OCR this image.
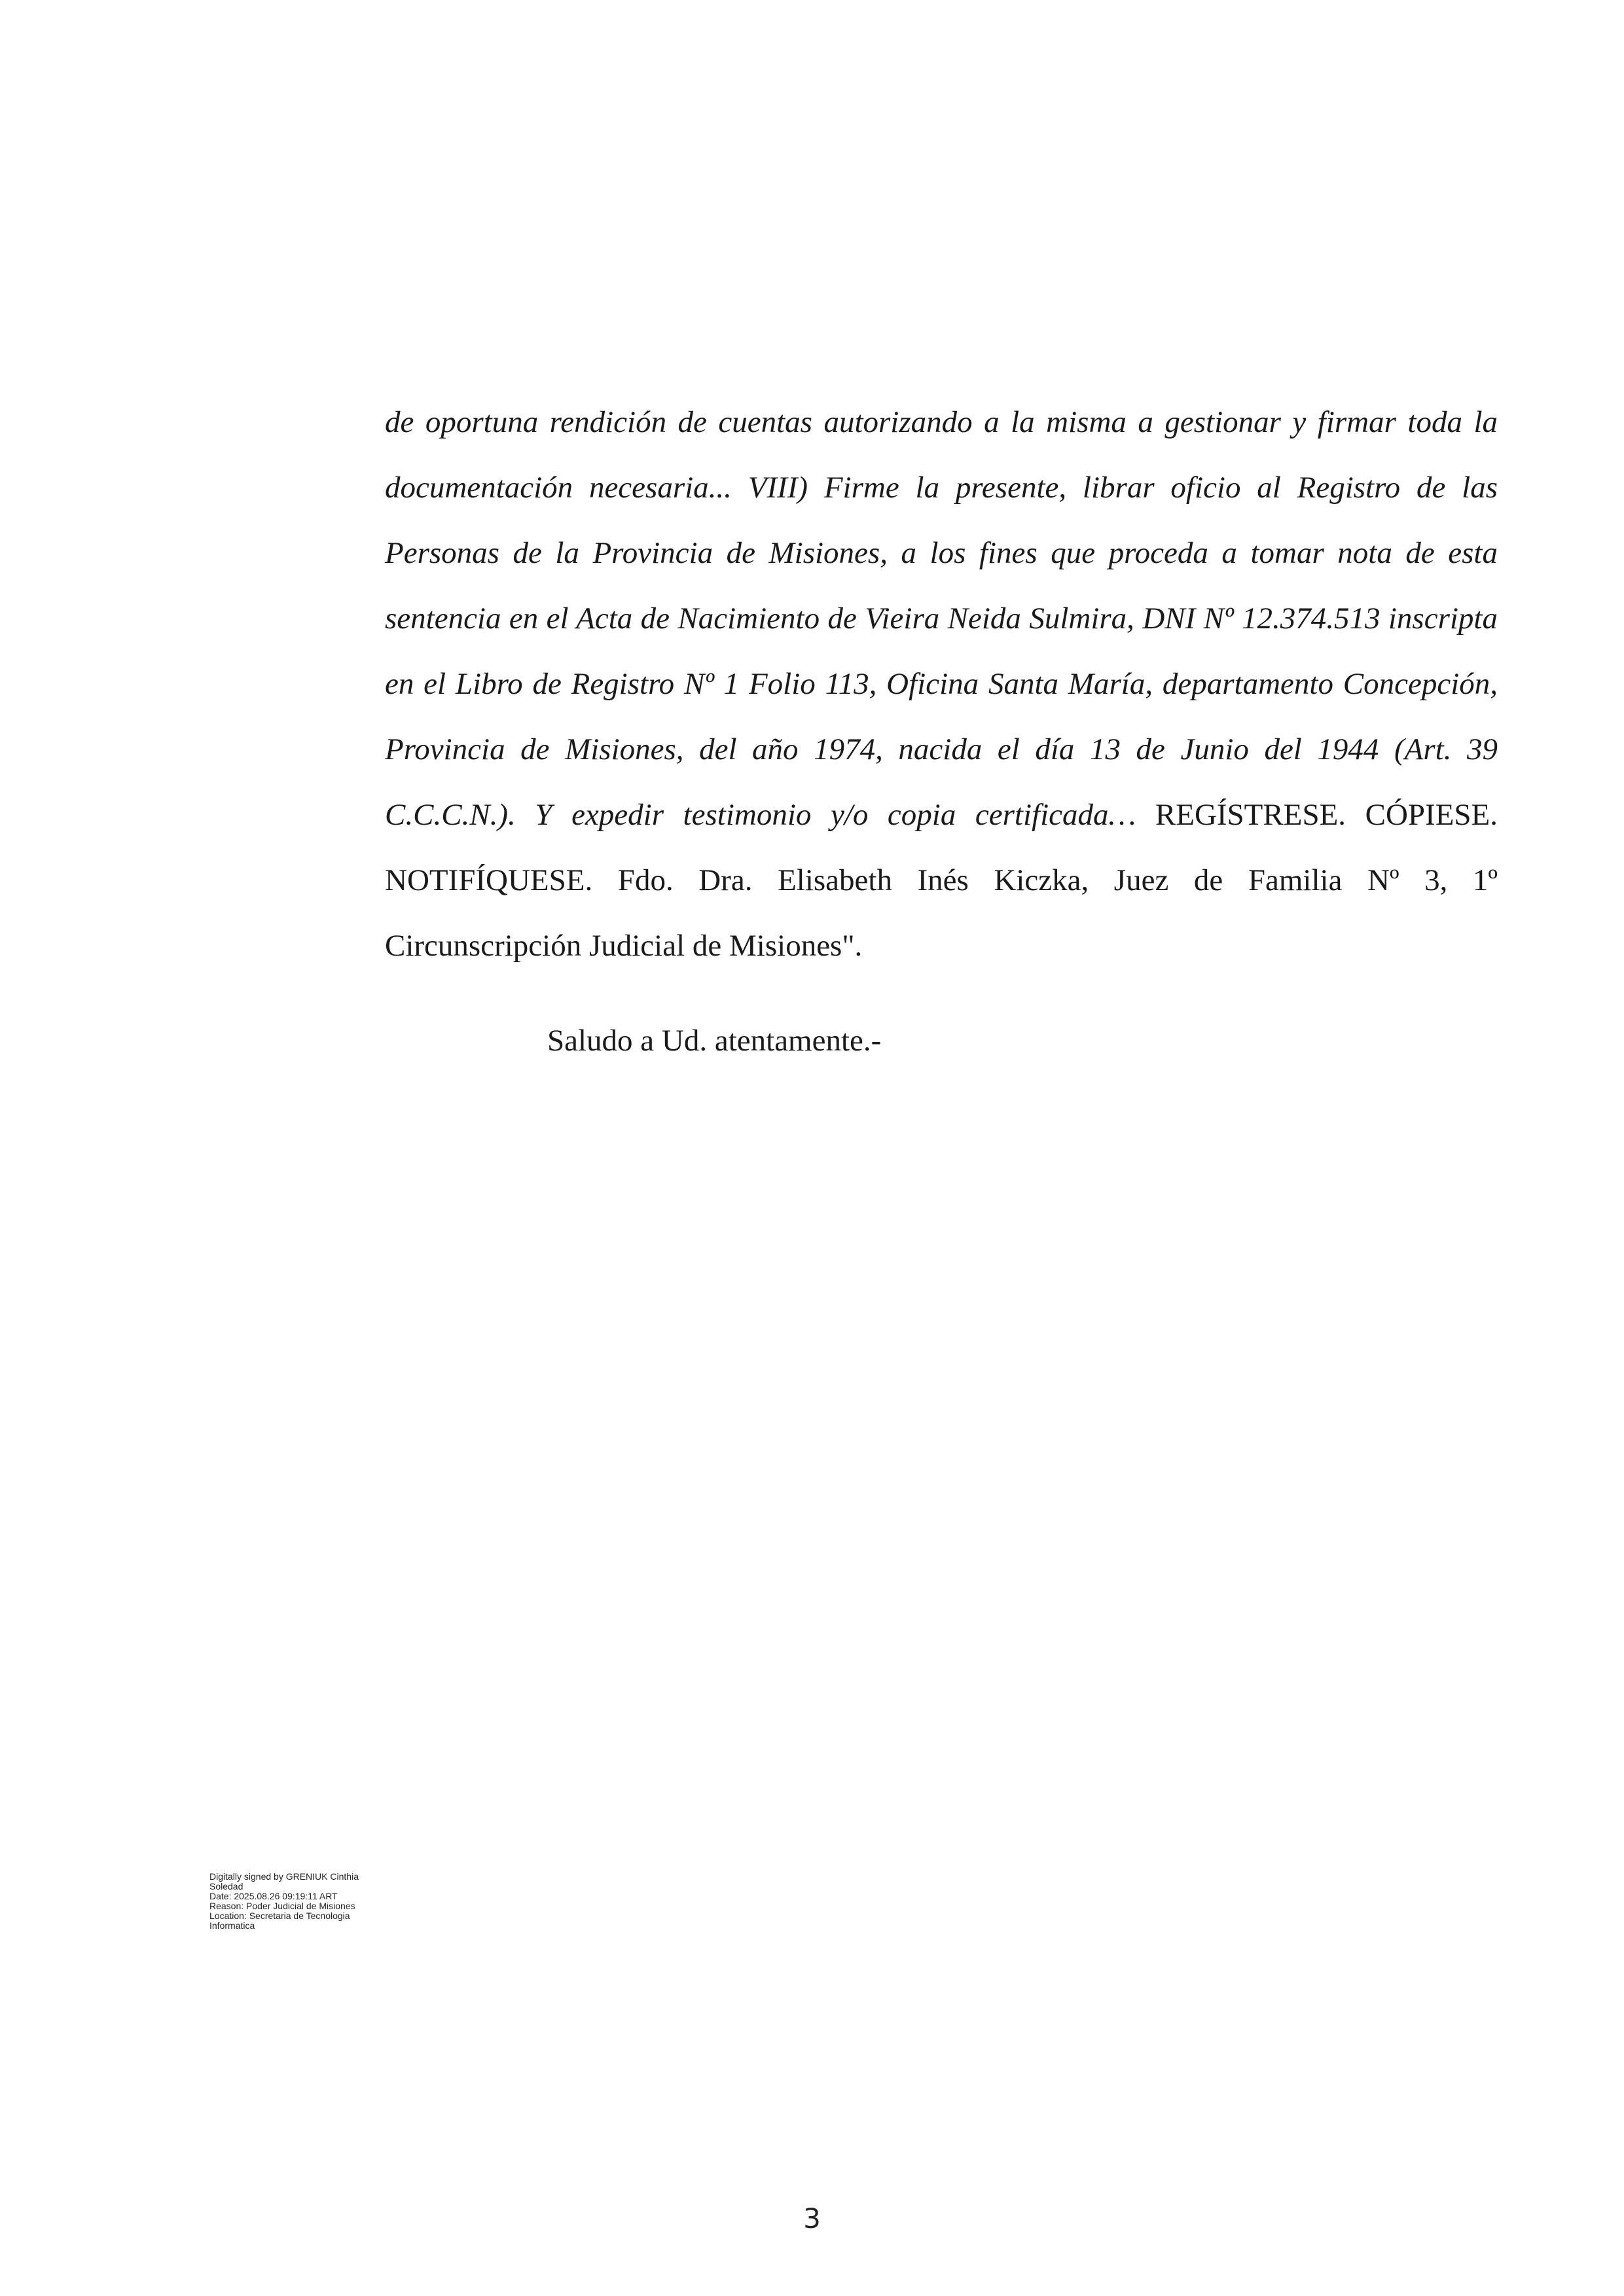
de oportuna rendición de cuentas autorizando a la misma a gestionar y firmar toda la documentación necesaria... VIII) Firme la presente, librar oficio al Registro de las Personas de la Provincia de Misiones, a los fines que proceda a tomar nota de esta sentencia en el Acta de Nacimiento de Vieira Neida Sulmira, DNI Nº 12.374.513 inscripta en el Libro de Registro Nº 1 Folio 113, Oficina Santa María, departamento Concepción, Provincia de Misiones, del año 1974, nacida el día 13 de Junio del 1944 (Art. 39 C.C.C.N.). Y expedir testimonio y/o copia certificada… REGÍSTRESE. CÓPIESE. NOTIFÍQUESE. Fdo. Dra. Elisabeth Inés Kiczka, Juez de Familia Nº 3, 1º Circunscripción Judicial de Misiones".

Saludo a Ud. atentamente.-

Digitally signed by GRENIUK Cinthia
Soledad
Date: 2025.08.26 09:19:11 ART
Reason: Poder Judicial de Misiones
Location: Secretaria de Tecnologia
Informatica
3
